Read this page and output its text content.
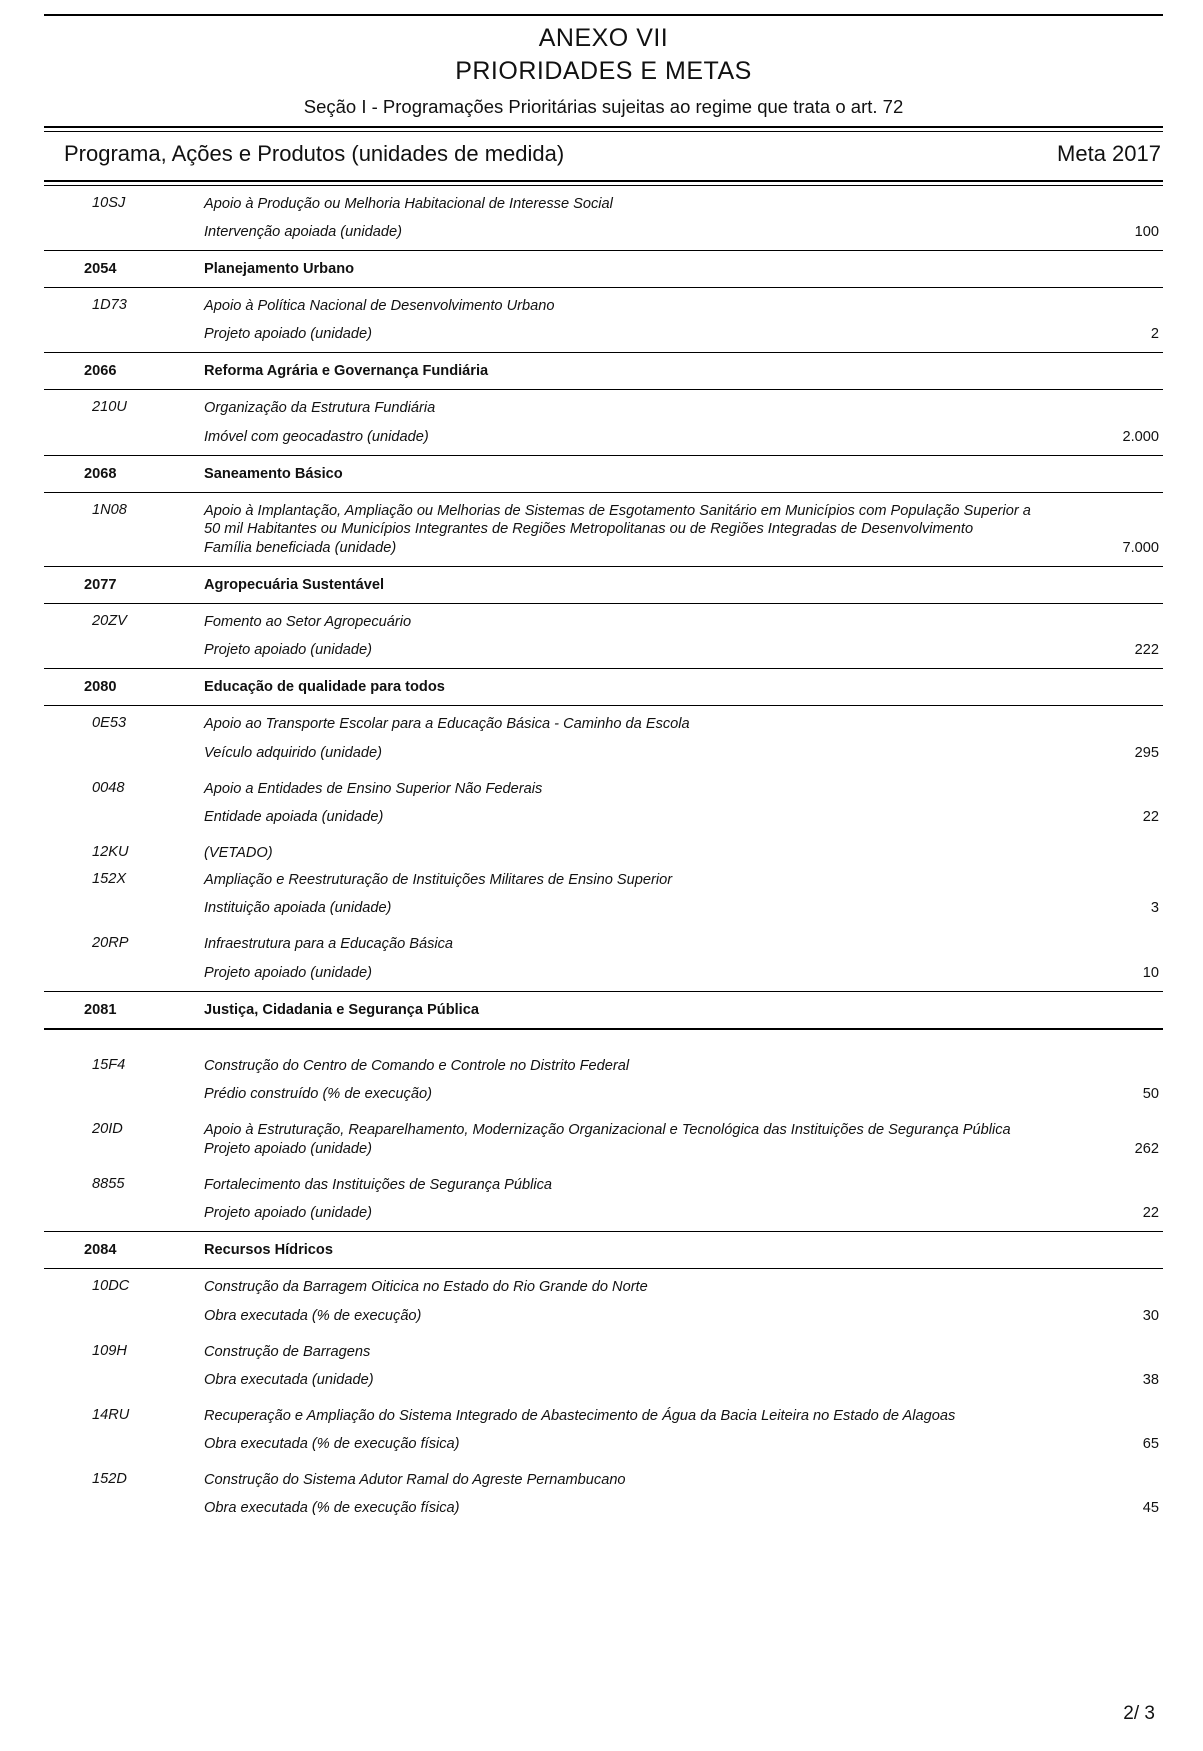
ANEXO VII
PRIORIDADES E METAS
Seção I - Programações Prioritárias sujeitas ao regime que trata o art. 72
Programa, Ações e Produtos (unidades de medida)	Meta 2017
10SJ	Apoio à Produção ou Melhoria Habitacional de Interesse Social	
	Intervenção apoiada (unidade)	100

2054	Planejamento Urbano	

1D73	Apoio à Política Nacional de Desenvolvimento Urbano	
	Projeto apoiado (unidade)	2

2066	Reforma Agrária e Governança Fundiária	

210U	Organização da Estrutura Fundiária	
	Imóvel com geocadastro (unidade)	2.000

2068	Saneamento Básico	

1N08	Apoio à Implantação, Ampliação ou Melhorias de Sistemas de Esgotamento Sanitário em Municípios com População Superior a 50 mil Habitantes ou Municípios Integrantes de Regiões Metropolitanas ou de Regiões Integradas de Desenvolvimento	
	Família beneficiada (unidade)	7.000

2077	Agropecuária Sustentável	

20ZV	Fomento ao Setor Agropecuário	
	Projeto apoiado (unidade)	222

2080	Educação de qualidade para todos	

0E53	Apoio ao Transporte Escolar para a Educação Básica - Caminho da Escola	
	Veículo adquirido (unidade)	295

0048	Apoio a Entidades de Ensino Superior Não Federais	
	Entidade apoiada (unidade)	22

12KU	(VETADO)	

152X	Ampliação e Reestruturação de Instituições Militares de Ensino Superior	
	Instituição apoiada (unidade)	3

20RP	Infraestrutura para a Educação Básica	
	Projeto apoiado (unidade)	10

2081	Justiça, Cidadania e Segurança Pública	

15F4	Construção do Centro de Comando e Controle no Distrito Federal	
	Prédio construído (% de execução)	50

20ID	Apoio à Estruturação, Reaparelhamento, Modernização Organizacional e Tecnológica das Instituições de Segurança Pública	
	Projeto apoiado (unidade)	262

8855	Fortalecimento das Instituições de Segurança Pública	
	Projeto apoiado (unidade)	22

2084	Recursos Hídricos	

10DC	Construção da Barragem Oiticica no Estado do Rio Grande do Norte	
	Obra executada (% de execução)	30

109H	Construção de Barragens	
	Obra executada (unidade)	38

14RU	Recuperação e Ampliação do Sistema Integrado de Abastecimento de Água da Bacia Leiteira no Estado de Alagoas	
	Obra executada (% de execução física)	65

152D	Construção do Sistema Adutor Ramal do Agreste Pernambucano	
	Obra executada (% de execução física)	45
2/ 3
